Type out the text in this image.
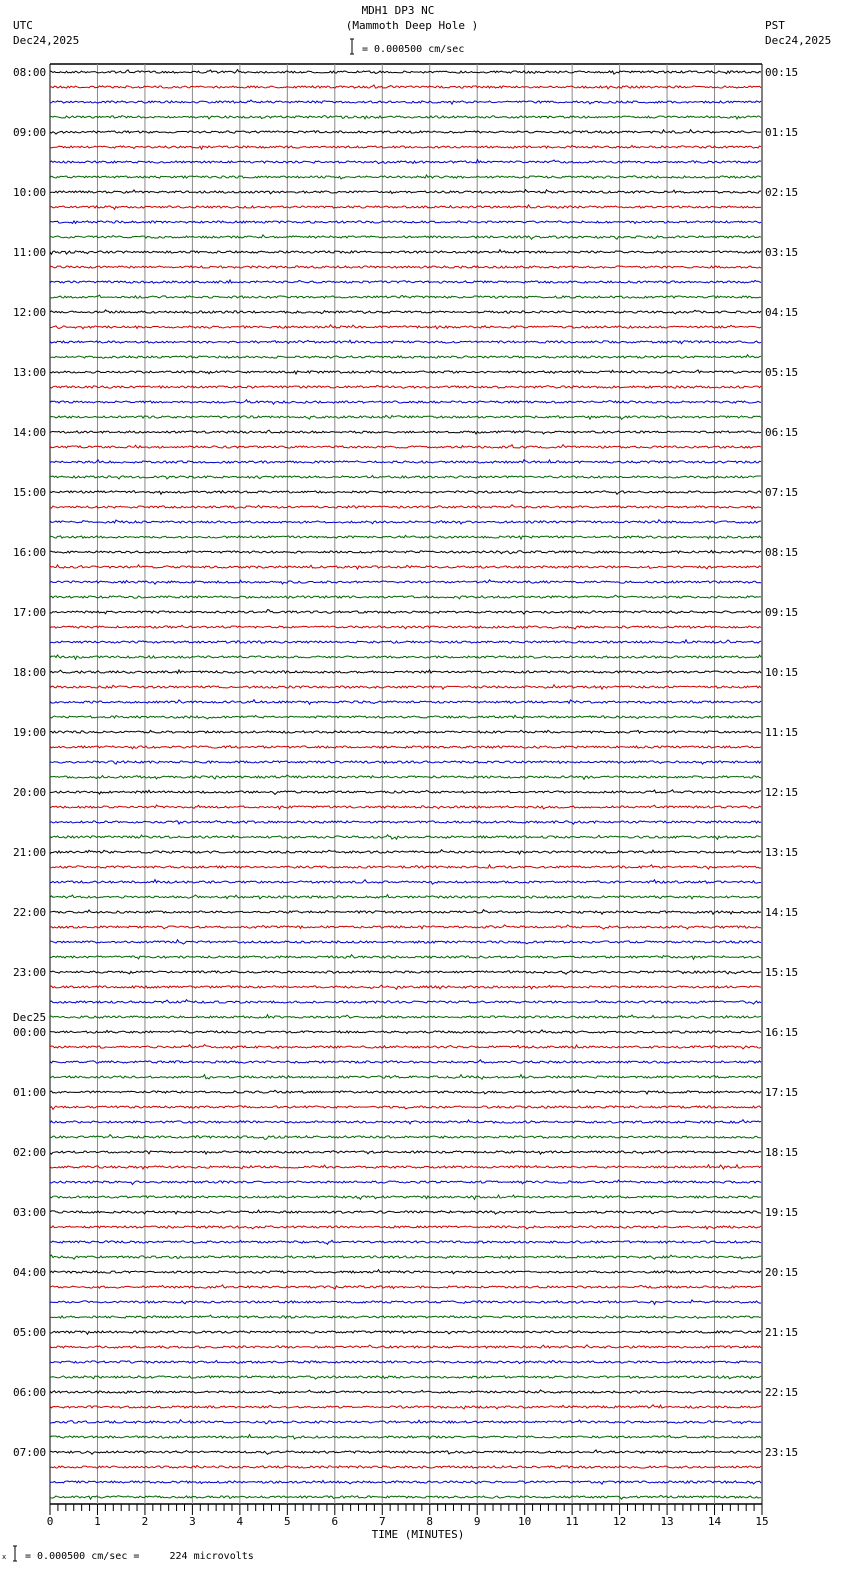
MDH1 DP3 NC
(Mammoth Deep Hole )
UTC
Dec24,2025
PST
Dec24,2025
= 0.000500 cm/sec
08:00	00:15
09:00	01:15
10:00	02:15
11:00	03:15
12:00	04:15
13:00	05:15
14:00	06:15
15:00	07:15
16:00	08:15
17:00	09:15
18:00	10:15
19:00	11:15
20:00	12:15
21:00	13:15
22:00	14:15
23:00	15:15
00:00	16:15
Dec25
01:00	17:15
02:00	18:15
03:00	19:15
04:00	20:15
05:00	21:15
06:00	22:15
07:00	23:15
0	1	2	3	4	5	6	7	8	9	10	11	12	13	14	15
TIME (MINUTES)
x = 0.000500 cm/sec =     224 microvolts
